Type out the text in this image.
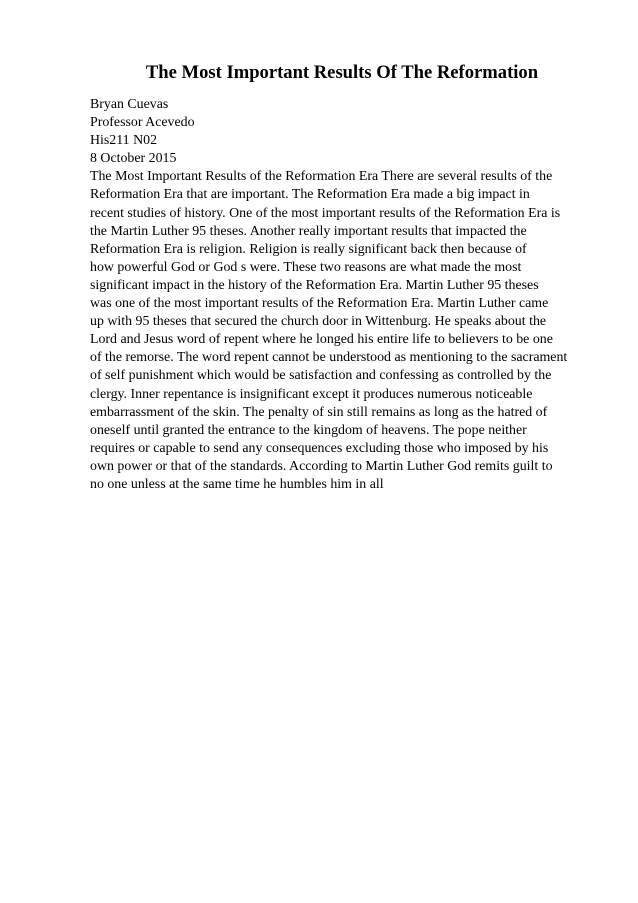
The Most Important Results Of The Reformation
Bryan Cuevas
Professor Acevedo
His211 N02
8 October 2015
The Most Important Results of the Reformation Era There are several results of the
Reformation Era that are important. The Reformation Era made a big impact in
recent studies of history. One of the most important results of the Reformation Era is
the Martin Luther 95 theses. Another really important results that impacted the
Reformation Era is religion. Religion is really significant back then because of
how powerful God or God s were. These two reasons are what made the most
significant impact in the history of the Reformation Era. Martin Luther 95 theses
was one of the most important results of the Reformation Era. Martin Luther came
up with 95 theses that secured the church door in Wittenburg. He speaks about the
Lord and Jesus word of repent where he longed his entire life to believers to be one
of the remorse. The word repent cannot be understood as mentioning to the sacrament
of self punishment which would be satisfaction and confessing as controlled by the
clergy. Inner repentance is insignificant except it produces numerous noticeable
embarrassment of the skin. The penalty of sin still remains as long as the hatred of
oneself until granted the entrance to the kingdom of heavens. The pope neither
requires or capable to send any consequences excluding those who imposed by his
own power or that of the standards. According to Martin Luther God remits guilt to
no one unless at the same time he humbles him in all
